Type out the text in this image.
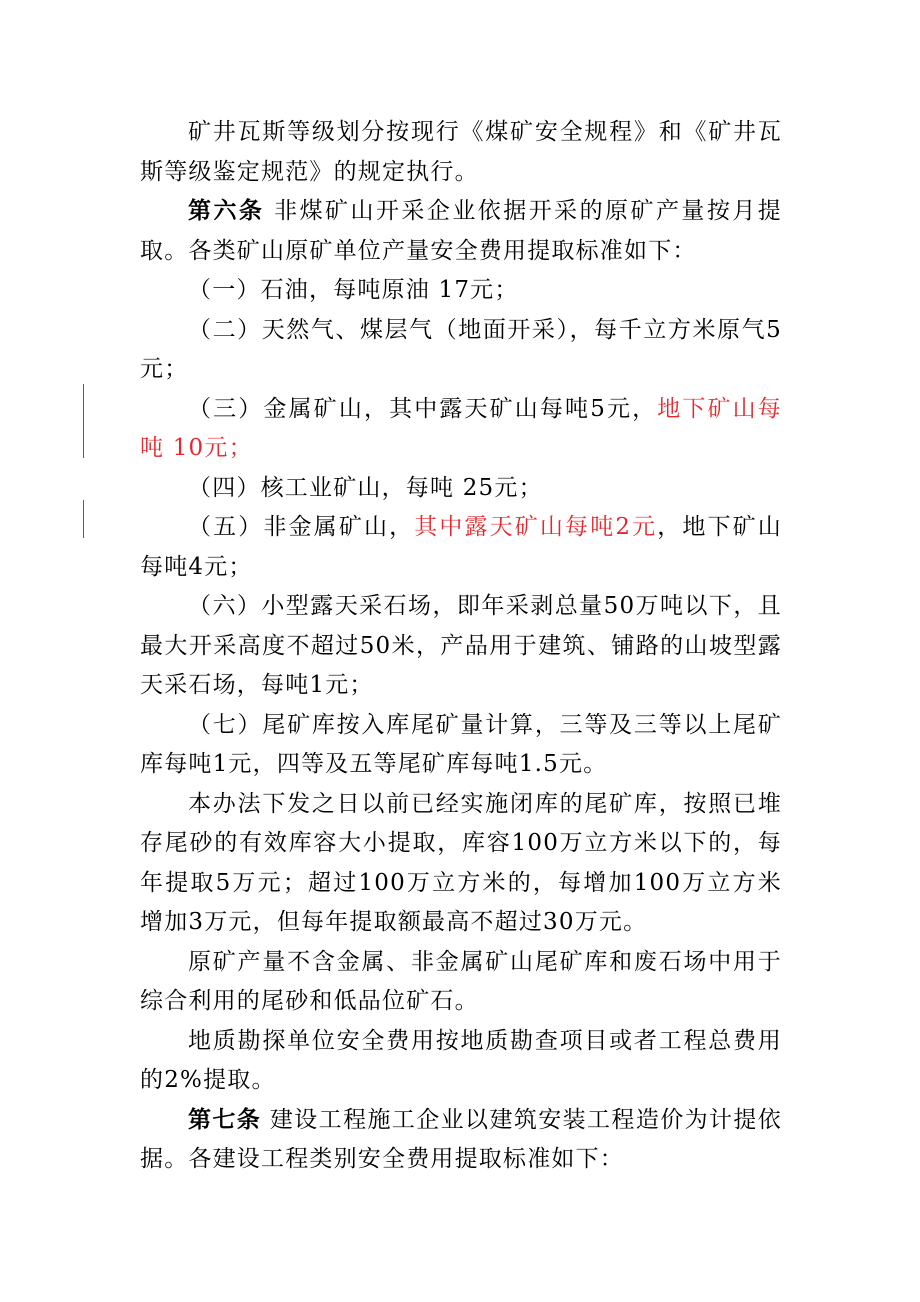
矿井瓦斯等级划分按现行《煤矿安全规程》和《矿井瓦斯等级鉴定规范》的规定执行。

第六条 非煤矿山开采企业依据开采的原矿产量按月提取。各类矿山原矿单位产量安全费用提取标准如下：

（一）石油，每吨原油 17元；

（二）天然气、煤层气（地面开采），每千立方米原气5元；

（三）金属矿山，其中露天矿山每吨5元，地下矿山每吨 10元；

（四）核工业矿山，每吨 25元；

（五）非金属矿山，其中露天矿山每吨2元，地下矿山每吨4元；

（六）小型露天采石场，即年采剥总量50万吨以下，且最大开采高度不超过50米，产品用于建筑、铺路的山坡型露天采石场，每吨1元；

（七）尾矿库按入库尾矿量计算，三等及三等以上尾矿库每吨1元，四等及五等尾矿库每吨1.5元。

本办法下发之日以前已经实施闭库的尾矿库，按照已堆存尾砂的有效库容大小提取，库容100万立方米以下的，每年提取5万元；超过100万立方米的，每增加100万立方米增加3万元，但每年提取额最高不超过30万元。

原矿产量不含金属、非金属矿山尾矿库和废石场中用于综合利用的尾砂和低品位矿石。

地质勘探单位安全费用按地质勘查项目或者工程总费用的2%提取。

第七条 建设工程施工企业以建筑安装工程造价为计提依据。各建设工程类别安全费用提取标准如下：
